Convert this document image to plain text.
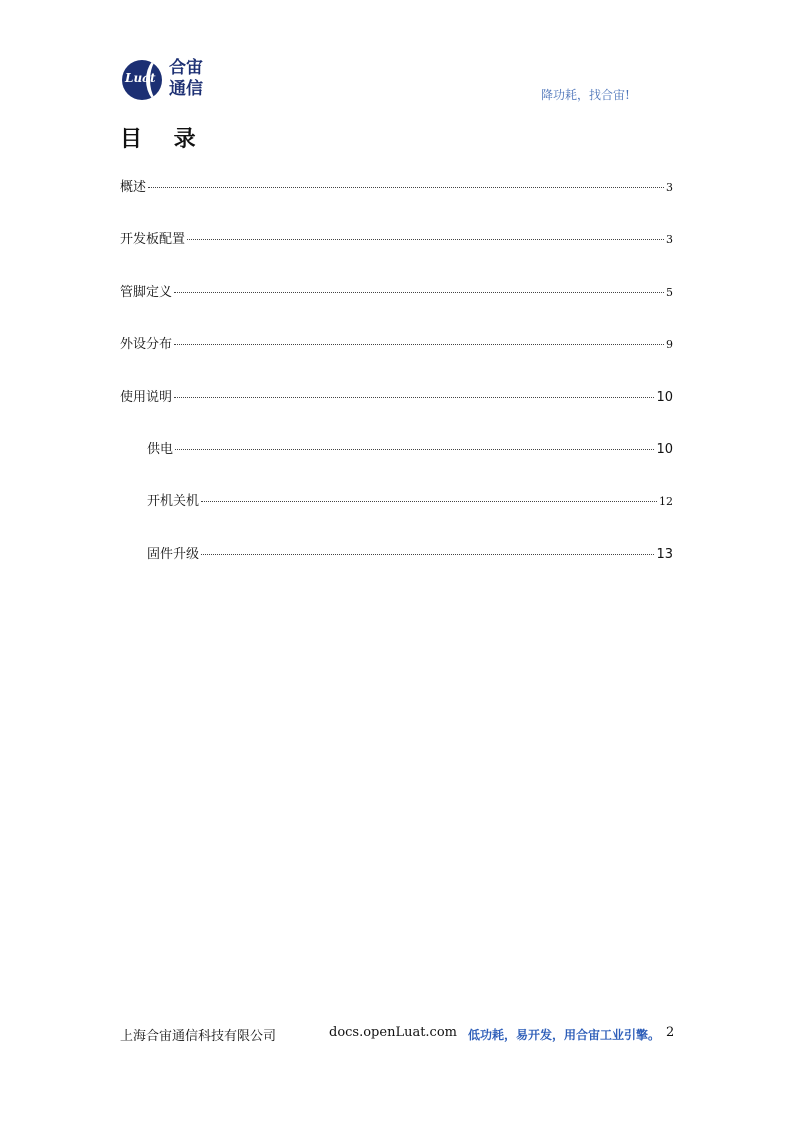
Luat 合宙
通信	降功耗，找合宙!
目 录
概述	3
开发板配置	3
管脚定义	5
外设分布	9
使用说明	10
供电	10
开机关机	12
固件升级	13
上海合宙通信科技有限公司	docs.openLuat.com 低功耗，易开发，用合宙工业引擎。 2
